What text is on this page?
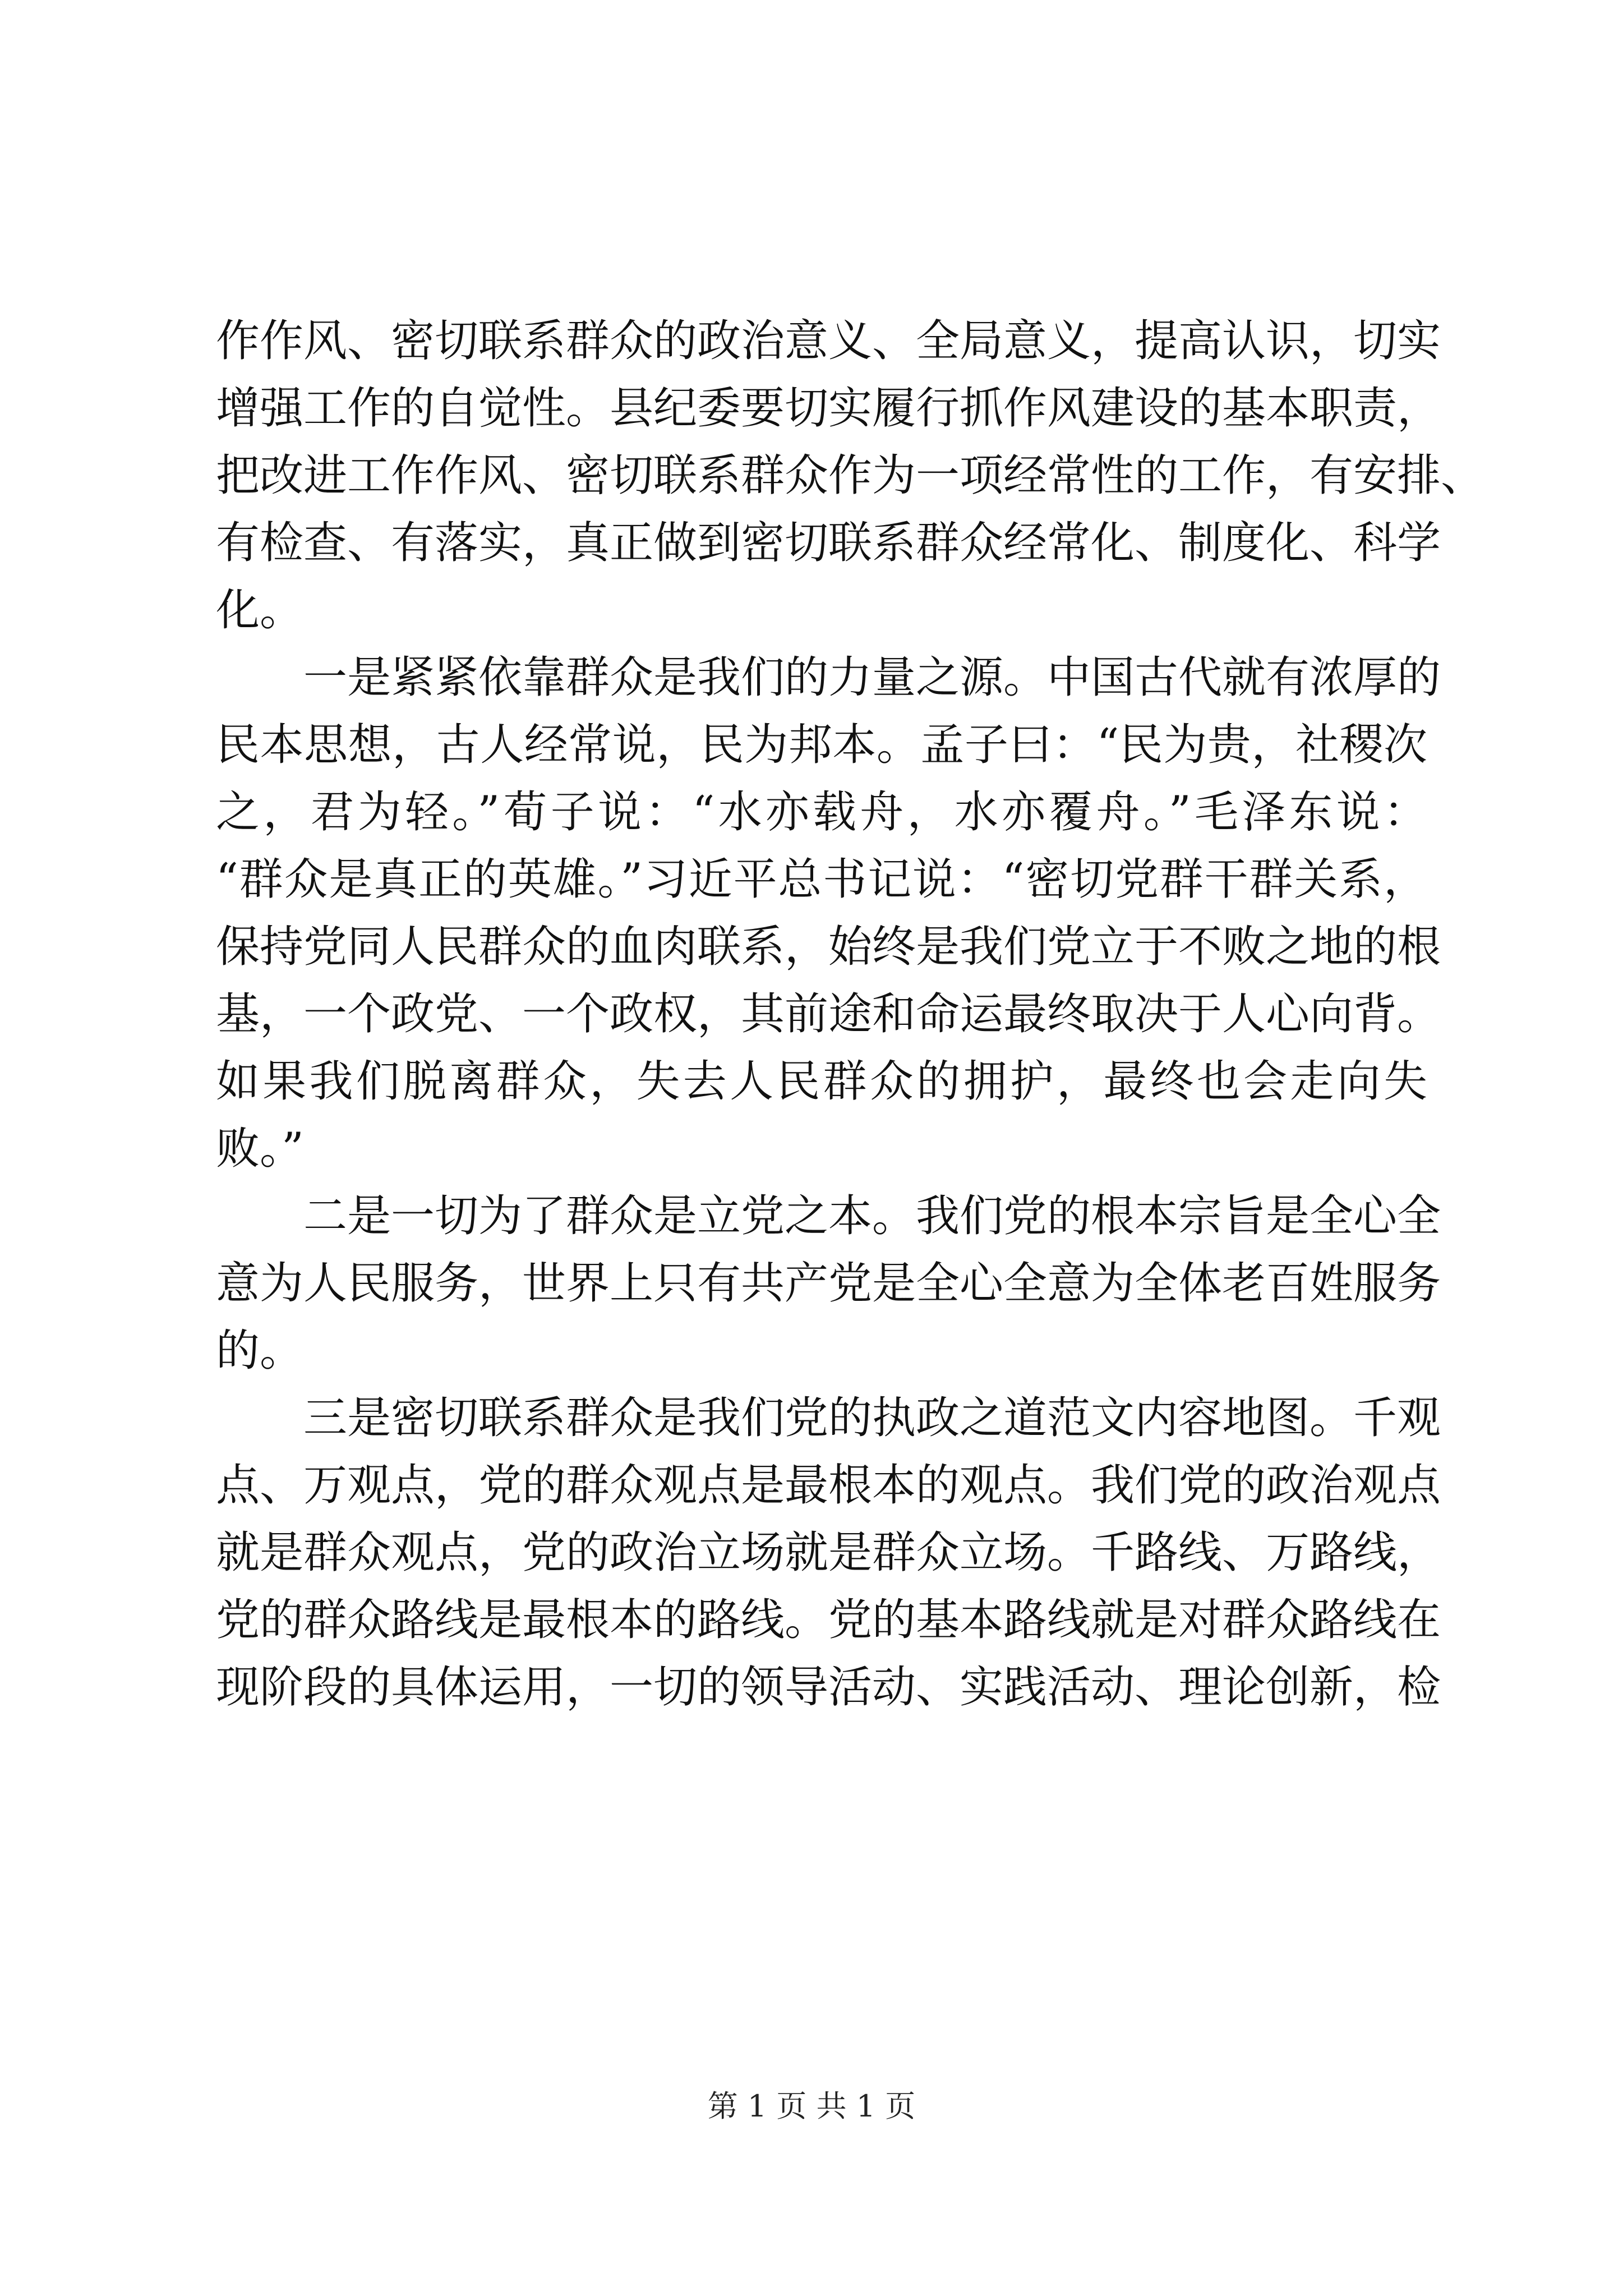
作作风、密切联系群众的政治意义、全局意义，提高认识，切实
增强工作的自觉性。县纪委要切实履行抓作风建设的基本职责，
把改进工作作风、密切联系群众作为一项经常性的工作，有安排、
有检查、有落实，真正做到密切联系群众经常化、制度化、科学
化。
一是紧紧依靠群众是我们的力量之源。中国古代就有浓厚的
民本思想，古人经常说，民为邦本。孟子曰：“民为贵，社稷次
之，君为轻。”荀子说：“水亦载舟，水亦覆舟。”毛泽东说：
“群众是真正的英雄。”习近平总书记说：“密切党群干群关系，
保持党同人民群众的血肉联系，始终是我们党立于不败之地的根
基，一个政党、一个政权，其前途和命运最终取决于人心向背。
如果我们脱离群众，失去人民群众的拥护，最终也会走向失
败。”
二是一切为了群众是立党之本。我们党的根本宗旨是全心全
意为人民服务，世界上只有共产党是全心全意为全体老百姓服务
的。
三是密切联系群众是我们党的执政之道范文内容地图。千观
点、万观点，党的群众观点是最根本的观点。我们党的政治观点
就是群众观点，党的政治立场就是群众立场。千路线、万路线，
党的群众路线是最根本的路线。党的基本路线就是对群众路线在
现阶段的具体运用，一切的领导活动、实践活动、理论创新，检
第 1 页 共 1 页
